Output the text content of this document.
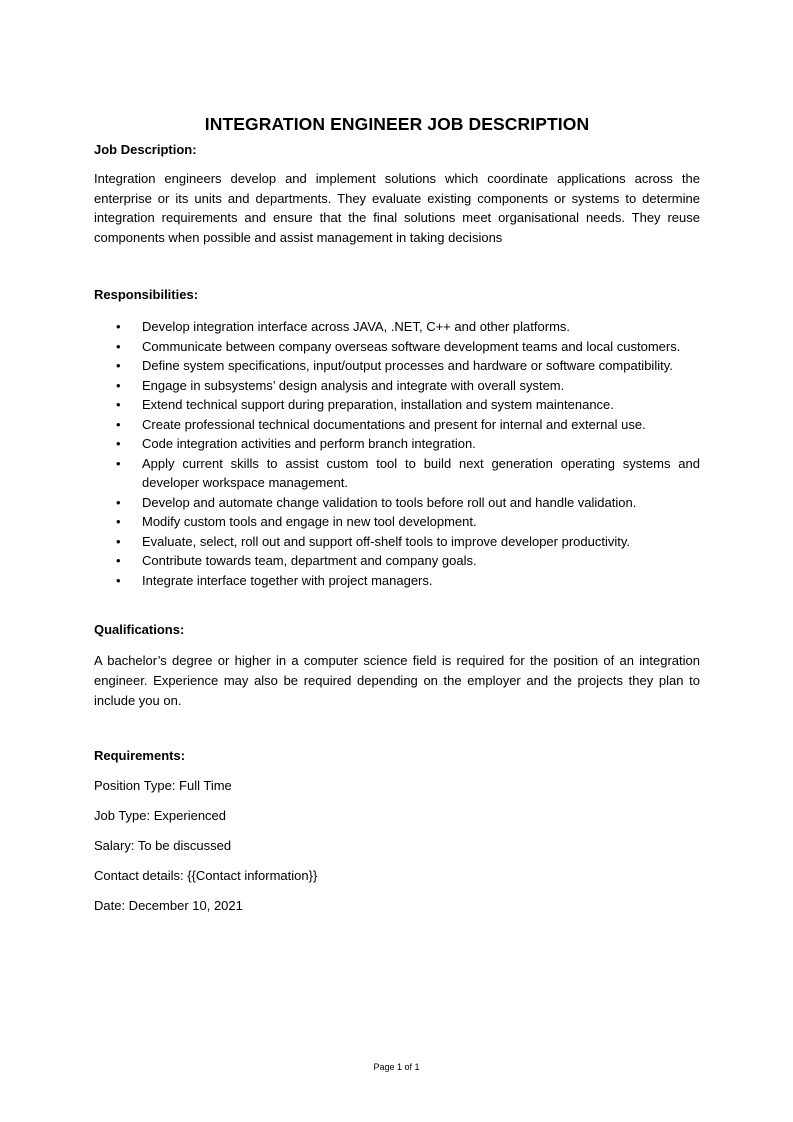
INTEGRATION ENGINEER JOB DESCRIPTION

Job Description:

Integration engineers develop and implement solutions which coordinate applications across the enterprise or its units and departments. They evaluate existing components or systems to determine integration requirements and ensure that the final solutions meet organisational needs. They reuse components when possible and assist management in taking decisions

Responsibilities:

• Develop integration interface across JAVA, .NET, C++ and other platforms.
• Communicate between company overseas software development teams and local customers.
• Define system specifications, input/output processes and hardware or software compatibility.
• Engage in subsystems’ design analysis and integrate with overall system.
• Extend technical support during preparation, installation and system maintenance.
• Create professional technical documentations and present for internal and external use.
• Code integration activities and perform branch integration.
• Apply current skills to assist custom tool to build next generation operating systems and developer workspace management.
• Develop and automate change validation to tools before roll out and handle validation.
• Modify custom tools and engage in new tool development.
• Evaluate, select, roll out and support off-shelf tools to improve developer productivity.
• Contribute towards team, department and company goals.
• Integrate interface together with project managers.

Qualifications:

A bachelor’s degree or higher in a computer science field is required for the position of an integration engineer. Experience may also be required depending on the employer and the projects they plan to include you on.

Requirements:

Position Type: Full Time

Job Type: Experienced

Salary: To be discussed

Contact details: {{Contact information}}

Date: December 10, 2021

Page 1 of 1
